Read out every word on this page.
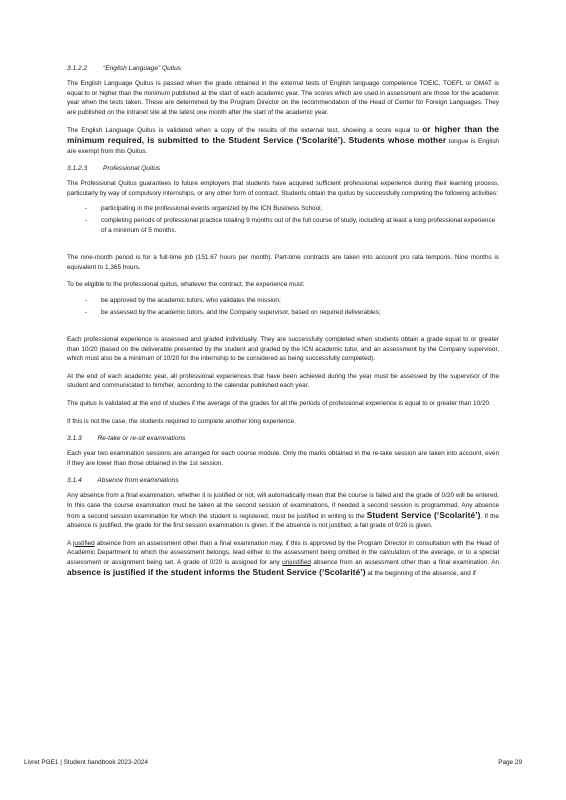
3.1.2.2 “English Language” Quitus

The English Language Quitus is passed when the grade obtained in the external tests of English language competence TOEIC, TOEFL or GMAT is equal to or higher than the minimum published at the start of each academic year. The scores which are used in assessment are those for the academic year when the tests taken. These are determined by the Program Director on the recommendation of the Head of Center for Foreign Languages. They are published on the intranet site at the latest one month after the start of the academic year.

The English Language Quitus is validated when a copy of the results of the external test, showing a score equal to or higher than the minimum required, is submitted to the Student Service (‘Scolarité’). Students whose mother tongue is English are exempt from this Quitus.

3.1.2.3 Professional Quitus

The Professional Quitus guarantees to future employers that students have acquired sufficient professional experience during their learning process, particularly by way of compulsory internships, or any other form of contract. Students obtain the quitus by successfully completing the following activities:

- participating in the professional events organized by the ICN Business School,
- completing periods of professional practice totaling 9 months out of the full course of study, including at least a long professional experience of a minimum of 5 months.

The nine-month period is for a full-time job (151.67 hours per month). Part-time contracts are taken into account pro rata temporis. Nine months is equivalent to 1,365 hours.

To be eligible to the professional quitus, whatever the contract, the experience must:

- be approved by the academic tutors, who validates the mission;
- be assessed by the academic tutors, and the Company supervisor, based on required deliverables;

Each professional experience is assessed and graded individually. They are successfully completed when students obtain a grade equal to or greater than 10/20 (based on the deliverable presented by the student and graded by the ICN academic tutor, and an assessment by the Company supervisor, which must also be a minimum of 10/20 for the internship to be considered as being successfully completed).

At the end of each academic year, all professional experiences that have been achieved during the year must be assessed by the supervisor of the student and communicated to him/her, according to the calendar published each year.

The quitus is validated at the end of studies if the average of the grades for all the periods of professional experience is equal to or greater than 10/20.

If this is not the case, the students required to complete another long experience.

3.1.3 Re-take or re-sit examinations

Each year two examination sessions are arranged for each course module. Only the marks obtained in the re-take session are taken into account, even if they are lower than those obtained in the 1st session.

3.1.4 Absence from examinations

Any absence from a final examination, whether it is justified or not, will automatically mean that the course is failed and the grade of 0/20 will be entered. In this case the course examination must be taken at the second session of examinations, if needed a second session is programmed. Any absence from a second session examination for which the student is registered, must be justified in writing to the Student Service (‘Scolarité’). If the absence is justified, the grade for the first session examination is given. If the absence is not justified, a fail grade of 0/20 is given.

A justified absence from an assessment other than a final examination may, if this is approved by the Program Director in consultation with the Head of Academic Department to which the assessment belongs, lead either to the assessment being omitted in the calculation of the average, or to a special assessment or assignment being set. A grade of 0/20 is assigned for any unjustified absence from an assessment other than a final examination. An absence is justified if the student informs the Student Service (‘Scolarité’) at the beginning of the absence, and if

Livret PGE1 | Student handbook 2023-2024	Page 29
